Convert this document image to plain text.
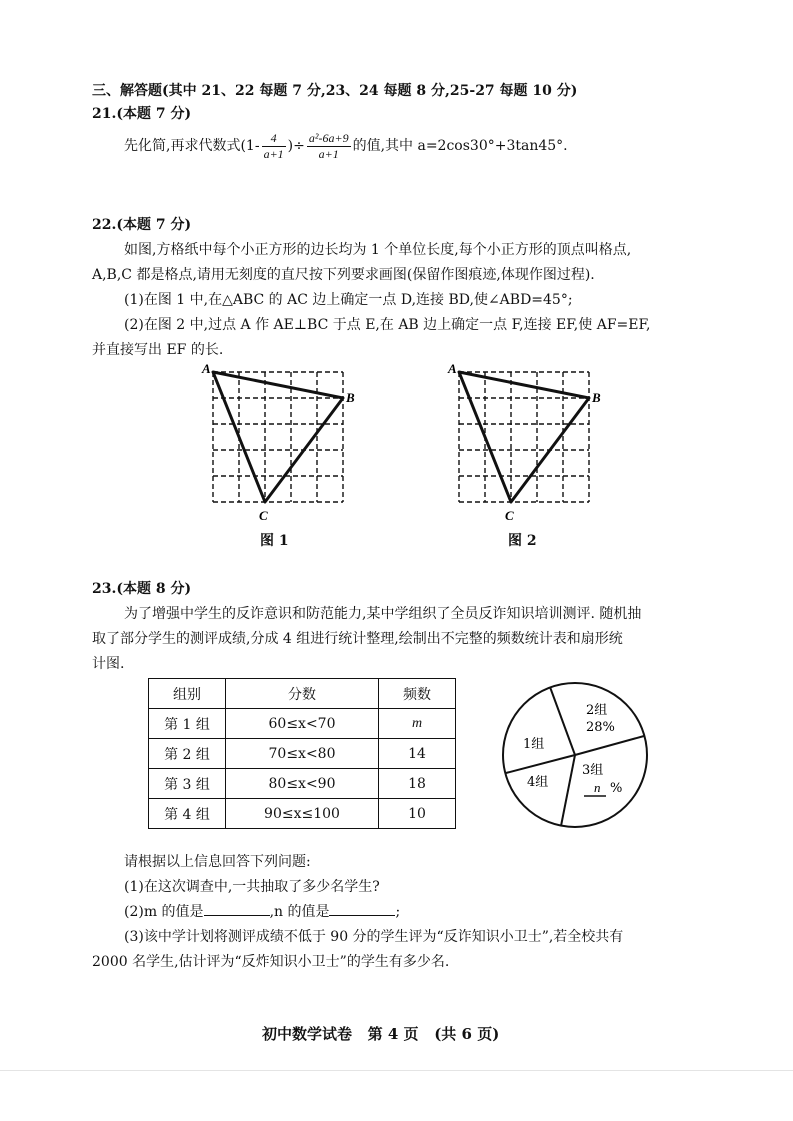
三、解答题(其中 21、22 每题 7 分,23、24 每题 8 分,25-27 每题 10 分)
21.(本题 7 分)
先化简,再求代数式($1- \frac{4}{a+1}$ )÷ $\frac{\text{a²-6a+9}}{a+1}$ 的值,其中 a=2cos30°+3tan45°.
22.(本题 7 分)
如图,方格纸中每个小正方形的边长均为 1 个单位长度,每个小正方形的顶点叫格点,
A,B,C 都是格点,请用无刻度的直尺按下列要求画图(保留作图痕迹,体现作图过程).
(1)在图 1 中,在△ABC 的 AC 边上确定一点 D,连接 BD,使∠ABD=45°;
(2)在图 2 中,过点 A 作 AE⊥BC 于点 E,在 AB 边上确定一点 F,连接 EF,使 AF=EF,
并直接写出 EF 的长.
A
B
C
图 1
A
B
C
图 2
23.(本题 8 分)
为了增强中学生的反诈意识和防范能力,某中学组织了全员反诈知识培训测评. 随机抽
取了部分学生的测评成绩,分成 4 组进行统计整理,绘制出不完整的频数统计表和扇形统
计图.
组别	分数	频数
第 1 组	60≤x<70	m
第 2 组	70≤x<80	14
第 3 组	80≤x<90	18
第 4 组	90≤x≤100	10
2组
28%
1组
4组
3组
n %
请根据以上信息回答下列问题:
(1)在这次调查中,一共抽取了多少名学生?
(2)m 的值是	,n 的值是	;
(3)该中学计划将测评成绩不低于 90 分的学生评为“反诈知识小卫士”,若全校共有
2000 名学生,估计评为“反炸知识小卫士”的学生有多少名.
初中数学试卷   第 4 页   (共 6 页)
